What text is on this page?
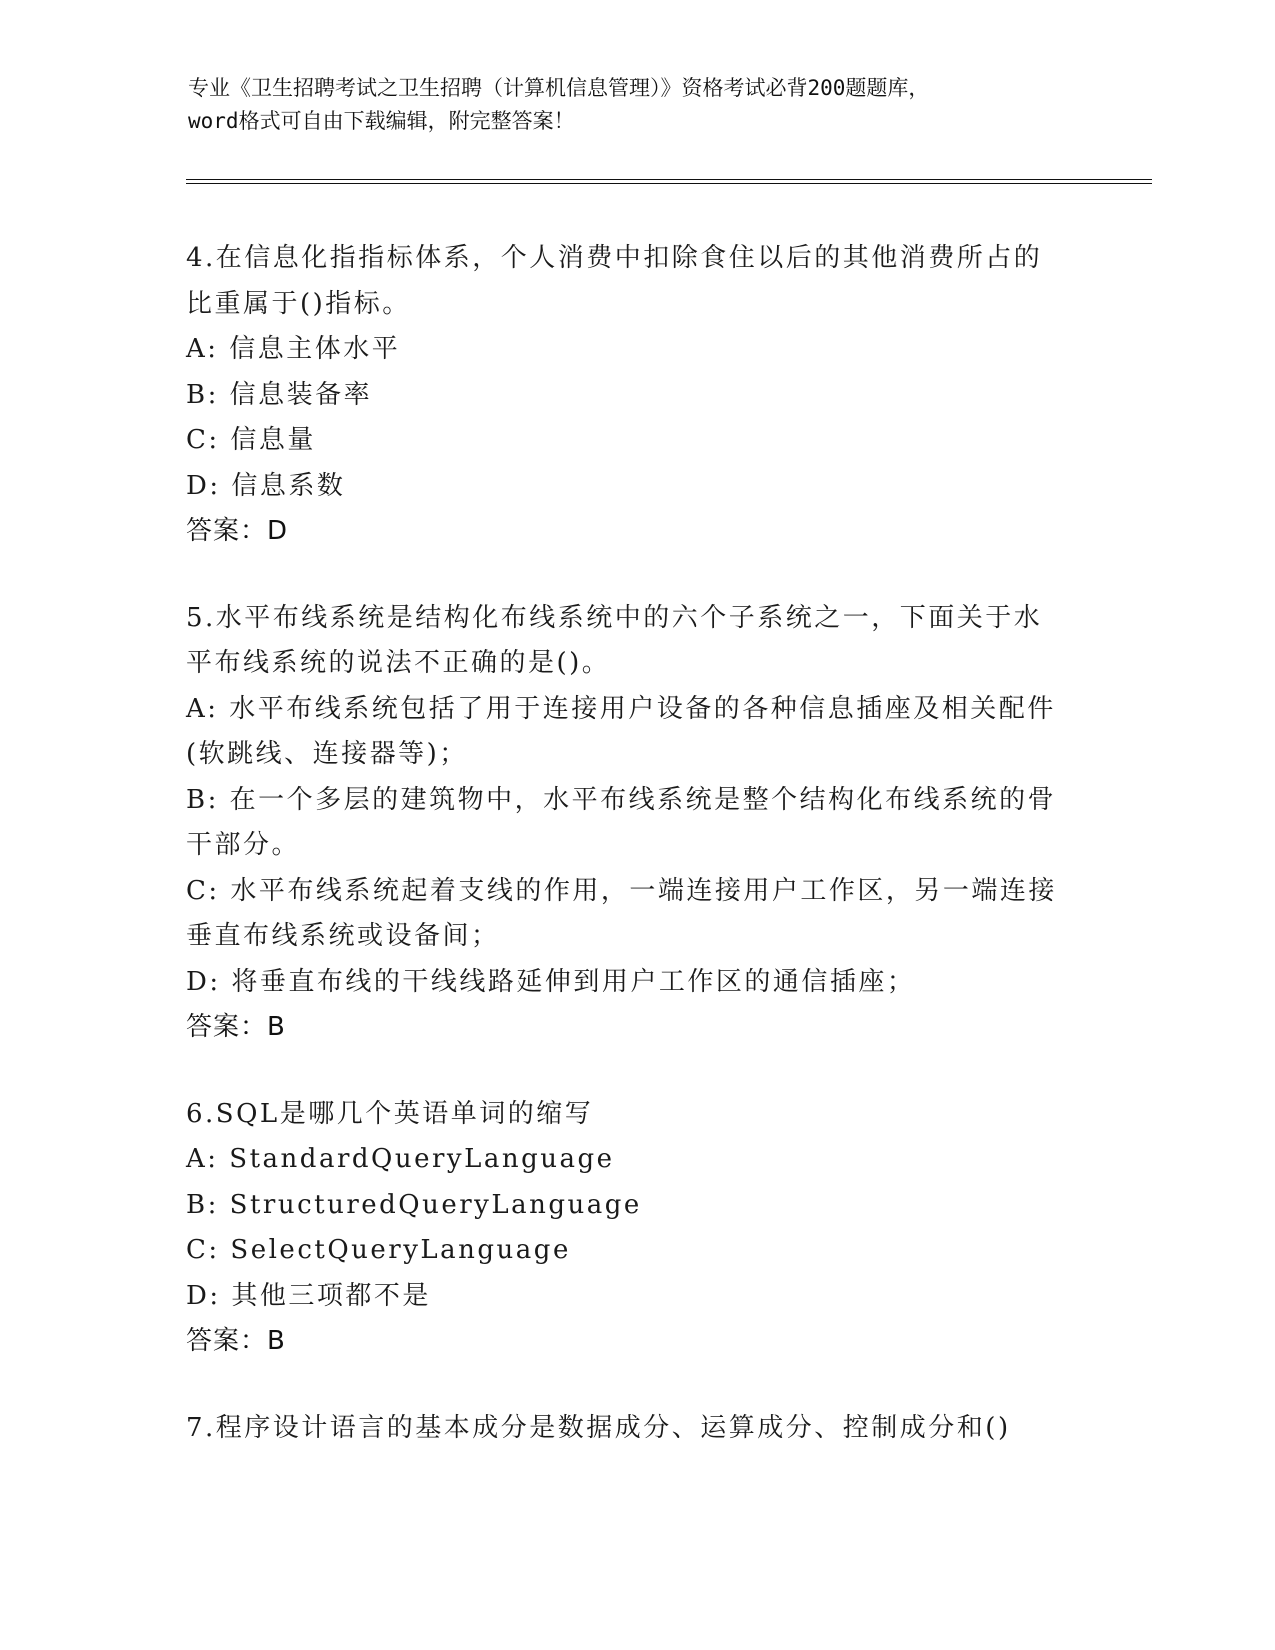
专业《卫生招聘考试之卫生招聘（计算机信息管理）》资格考试必背200题题库，
word格式可自由下载编辑，附完整答案！
4.在信息化指指标体系，个人消费中扣除食住以后的其他消费所占的
比重属于()指标。
A: 信息主体水平
B: 信息装备率
C: 信息量
D: 信息系数
答案：D
5.水平布线系统是结构化布线系统中的六个子系统之一，下面关于水
平布线系统的说法不正确的是()。
A: 水平布线系统包括了用于连接用户设备的各种信息插座及相关配件
(软跳线、连接器等)；
B: 在一个多层的建筑物中，水平布线系统是整个结构化布线系统的骨
干部分。
C: 水平布线系统起着支线的作用，一端连接用户工作区，另一端连接
垂直布线系统或设备间；
D: 将垂直布线的干线线路延伸到用户工作区的通信插座；
答案：B
6.SQL是哪几个英语单词的缩写
A: StandardQueryLanguage
B: StructuredQueryLanguage
C: SelectQueryLanguage
D: 其他三项都不是
答案：B
7.程序设计语言的基本成分是数据成分、运算成分、控制成分和()
